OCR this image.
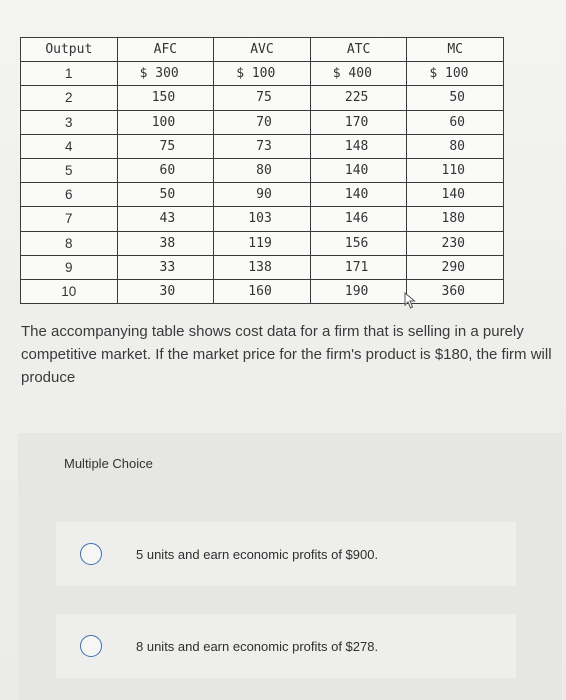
Output	AFC	AVC	ATC	MC
1	$ 300	$ 100	$ 400	$ 100
2	150	75	225	50
3	100	70	170	60
4	75	73	148	80
5	60	80	140	110
6	50	90	140	140
7	43	103	146	180
8	38	119	156	230
9	33	138	171	290
10	30	160	190	360
The accompanying table shows cost data for a firm that is selling in a purely competitive market. If the market price for the firm's product is $180, the firm will produce
Multiple Choice
5 units and earn economic profits of $900.
8 units and earn economic profits of $278.
